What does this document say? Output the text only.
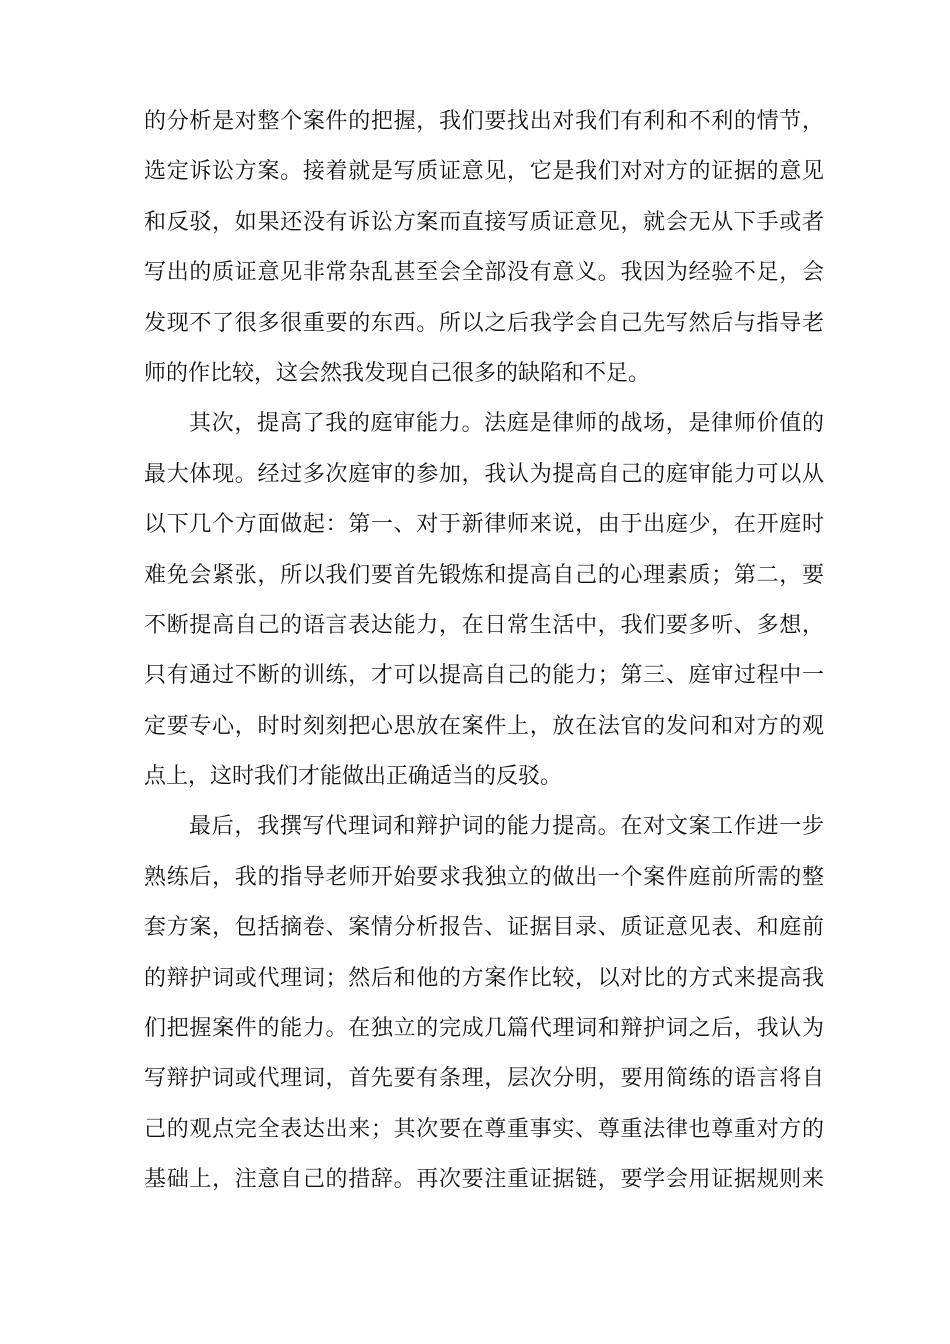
的分析是对整个案件的把握，我们要找出对我们有利和不利的情节，
选定诉讼方案。接着就是写质证意见，它是我们对对方的证据的意见
和反驳，如果还没有诉讼方案而直接写质证意见，就会无从下手或者
写出的质证意见非常杂乱甚至会全部没有意义。我因为经验不足，会
发现不了很多很重要的东西。所以之后我学会自己先写然后与指导老
师的作比较，这会然我发现自己很多的缺陷和不足。
其次，提高了我的庭审能力。法庭是律师的战场，是律师价值的
最大体现。经过多次庭审的参加，我认为提高自己的庭审能力可以从
以下几个方面做起：第一、对于新律师来说，由于出庭少，在开庭时
难免会紧张，所以我们要首先锻炼和提高自己的心理素质；第二，要
不断提高自己的语言表达能力，在日常生活中，我们要多听、多想，
只有通过不断的训练，才可以提高自己的能力；第三、庭审过程中一
定要专心，时时刻刻把心思放在案件上，放在法官的发问和对方的观
点上，这时我们才能做出正确适当的反驳。
最后，我撰写代理词和辩护词的能力提高。在对文案工作进一步
熟练后，我的指导老师开始要求我独立的做出一个案件庭前所需的整
套方案，包括摘卷、案情分析报告、证据目录、质证意见表、和庭前
的辩护词或代理词；然后和他的方案作比较，以对比的方式来提高我
们把握案件的能力。在独立的完成几篇代理词和辩护词之后，我认为
写辩护词或代理词，首先要有条理，层次分明，要用简练的语言将自
己的观点完全表达出来；其次要在尊重事实、尊重法律也尊重对方的
基础上，注意自己的措辞。再次要注重证据链，要学会用证据规则来
